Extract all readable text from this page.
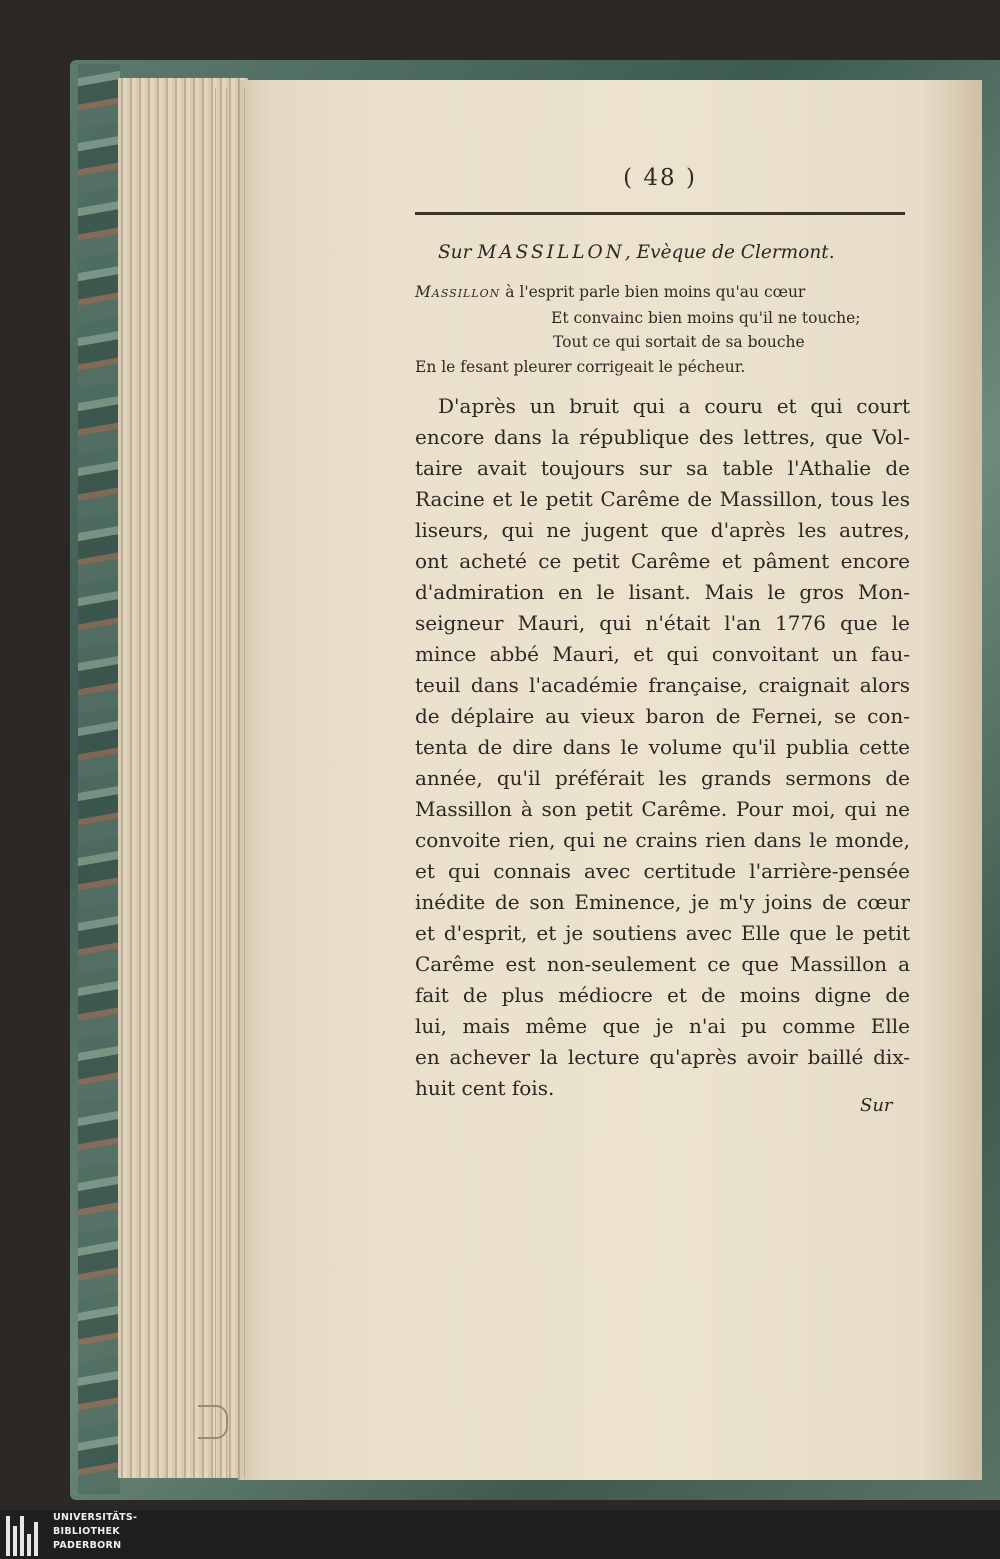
( 48 )
Sur MASSILLON, Evèque de Clermont.
Massillon à l'esprit parle bien moins qu'au cœur
Et convainc bien moins qu'il ne touche;
Tout ce qui sortait de sa bouche
En le fesant pleurer corrigeait le pécheur.
D'après un bruit qui a couru et qui court
encore dans la république des lettres, que Vol-
taire avait toujours sur sa table l'Athalie de
Racine et le petit Carême de Massillon, tous les
liseurs, qui ne jugent que d'après les autres,
ont acheté ce petit Carême et pâment encore
d'admiration en le lisant. Mais le gros Mon-
seigneur Mauri, qui n'était l'an 1776 que le
mince abbé Mauri, et qui convoitant un fau-
teuil dans l'académie française, craignait alors
de déplaire au vieux baron de Fernei, se con-
tenta de dire dans le volume qu'il publia cette
année, qu'il préférait les grands sermons de
Massillon à son petit Carême. Pour moi, qui ne
convoite rien, qui ne crains rien dans le monde,
et qui connais avec certitude l'arrière-pensée
inédite de son Eminence, je m'y joins de cœur
et d'esprit, et je soutiens avec Elle que le petit
Carême est non-seulement ce que Massillon a
fait de plus médiocre et de moins digne de
lui, mais même que je n'ai pu comme Elle
en achever la lecture qu'après avoir baillé dix-
huit cent fois.
Sur
UNIVERSITÄTS-
BIBLIOTHEK
PADERBORN
